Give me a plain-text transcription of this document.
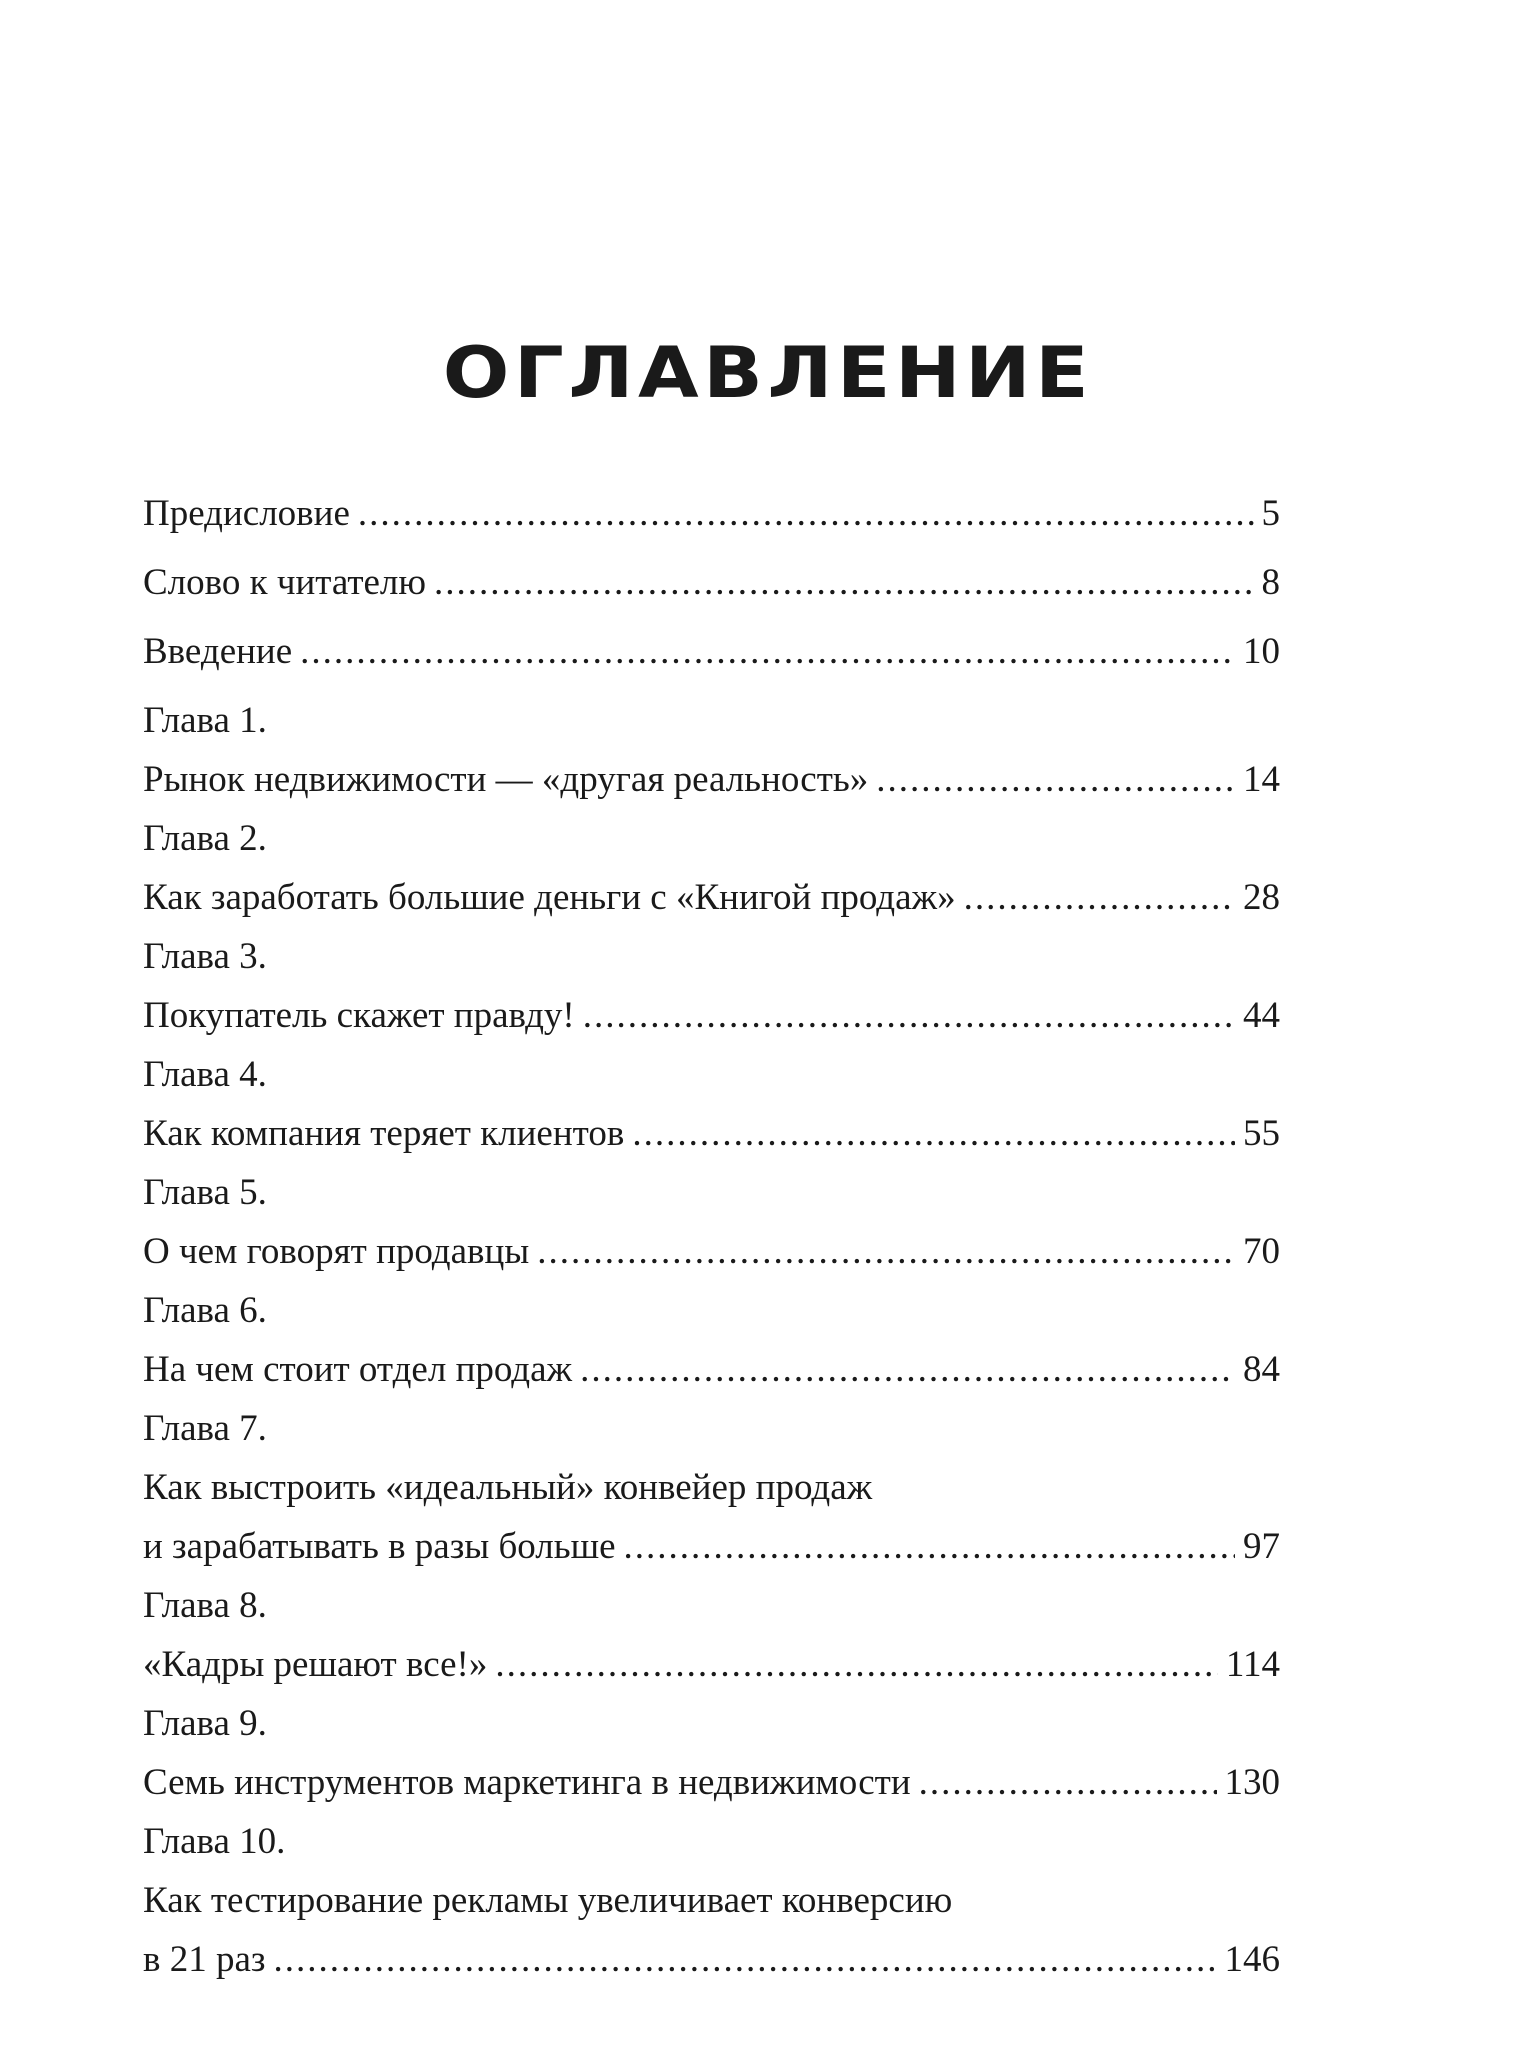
ОГЛАВЛЕНИЕ
Предисловие .....	5
Слово к читателю .....	8
Введение .....	10
Глава 1.
Рынок недвижимости — «другая реальность» .....	14
Глава 2.
Как заработать большие деньги с «Книгой продаж» .....	28
Глава 3.
Покупатель скажет правду! .....	44
Глава 4.
Как компания теряет клиентов .....	55
Глава 5.
О чем говорят продавцы .....	70
Глава 6.
На чем стоит отдел продаж .....	84
Глава 7.
Как выстроить «идеальный» конвейер продаж
и зарабатывать в разы больше .....	97
Глава 8.
«Кадры решают все!» .....	114
Глава 9.
Семь инструментов маркетинга в недвижимости .....	130
Глава 10.
Как тестирование рекламы увеличивает конверсию
в 21 раз .....	146
